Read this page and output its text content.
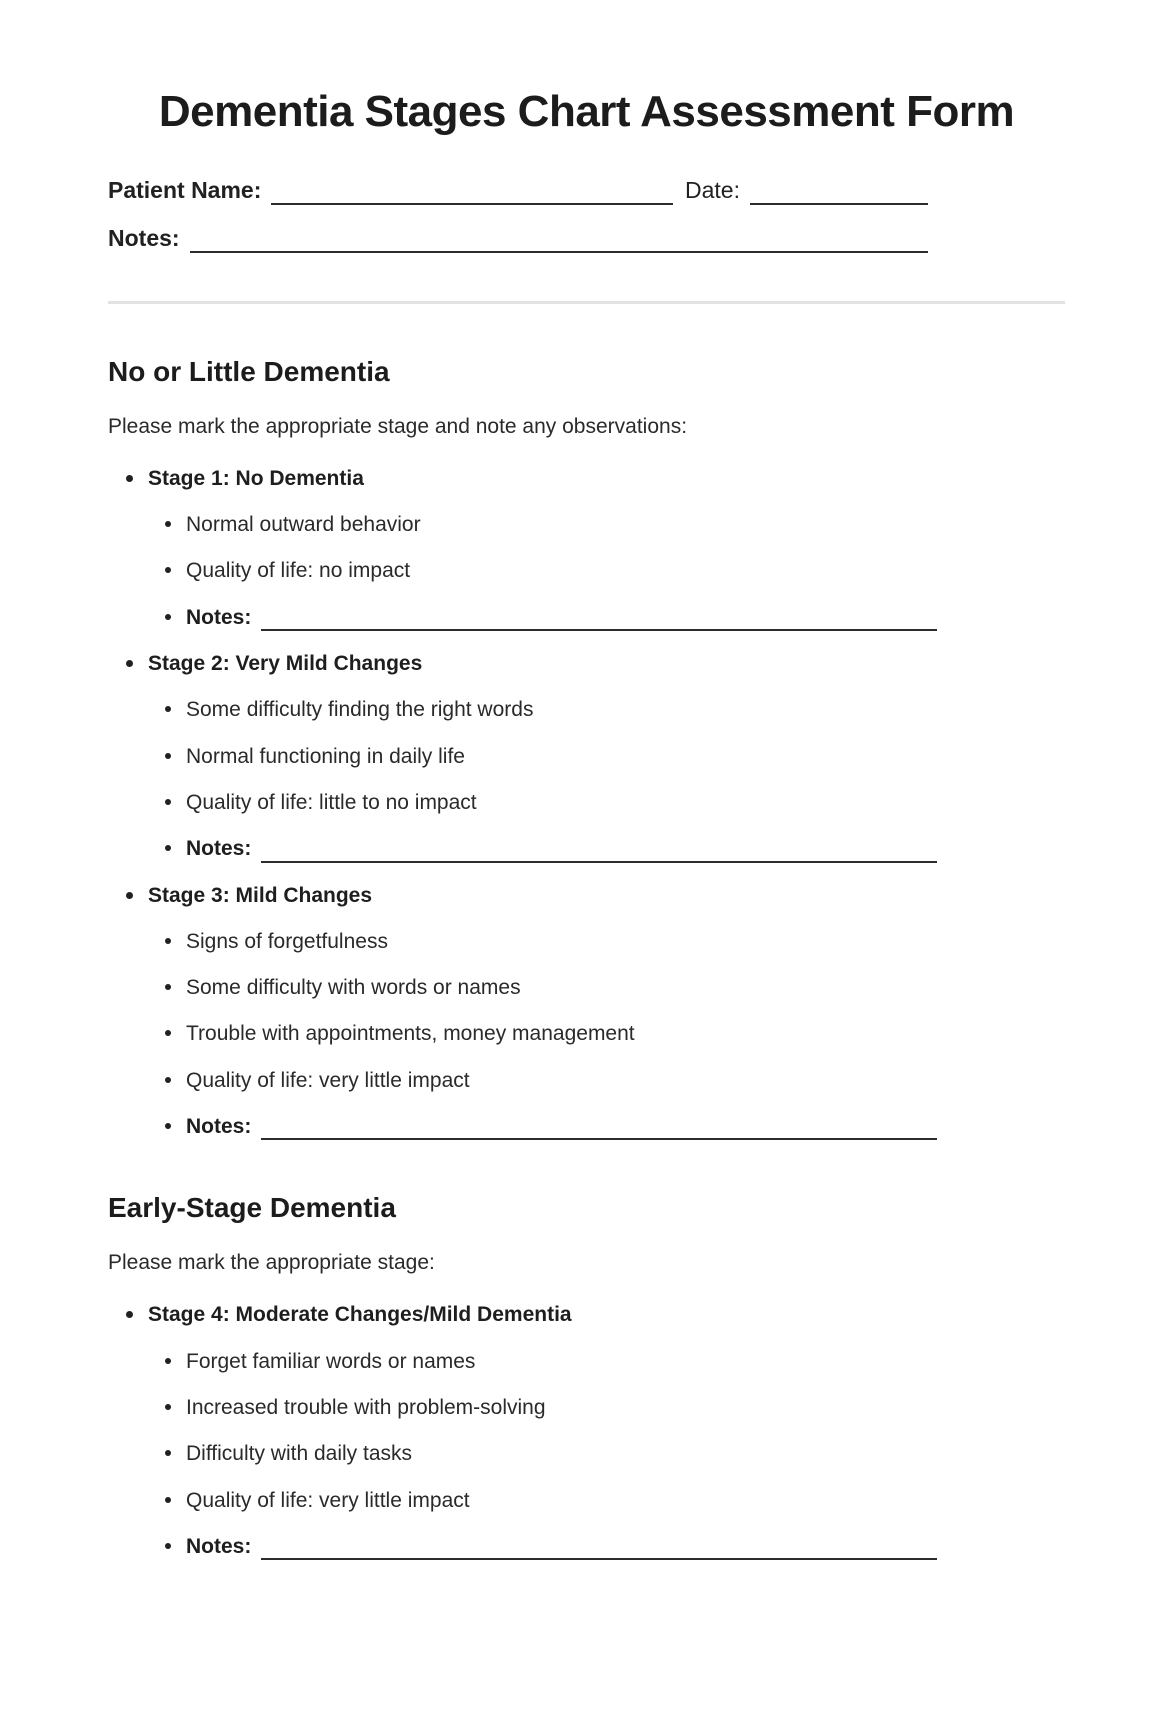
Dementia Stages Chart Assessment Form
Patient Name:	Date:
Notes:
No or Little Dementia

Please mark the appropriate stage and note any observations:

Stage 1: No Dementia
Normal outward behavior
Quality of life: no impact
Notes:
Stage 2: Very Mild Changes
Some difficulty finding the right words
Normal functioning in daily life
Quality of life: little to no impact
Notes:
Stage 3: Mild Changes
Signs of forgetfulness
Some difficulty with words or names
Trouble with appointments, money management
Quality of life: very little impact
Notes:
Early-Stage Dementia

Please mark the appropriate stage:

Stage 4: Moderate Changes/Mild Dementia
Forget familiar words or names
Increased trouble with problem-solving
Difficulty with daily tasks
Quality of life: very little impact
Notes:
